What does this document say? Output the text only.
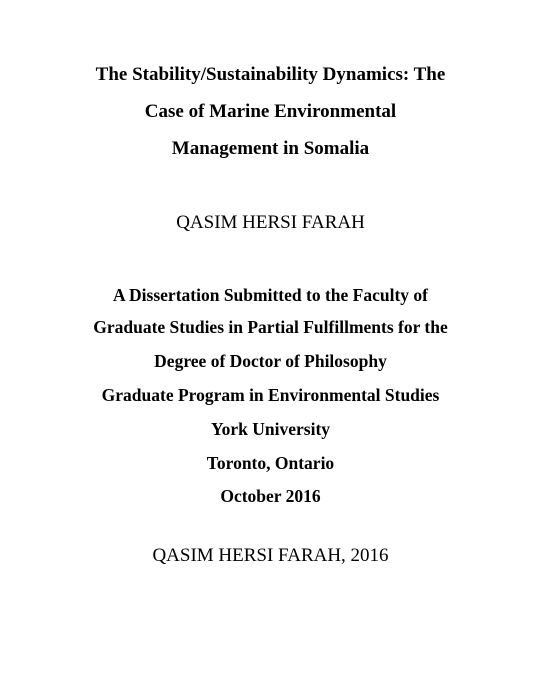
The Stability/Sustainability Dynamics: The
Case of Marine Environmental
Management in Somalia
QASIM HERSI FARAH
A Dissertation Submitted to the Faculty of
Graduate Studies in Partial Fulfillments for the
Degree of Doctor of Philosophy
Graduate Program in Environmental Studies
York University
Toronto, Ontario
October 2016
QASIM HERSI FARAH, 2016
